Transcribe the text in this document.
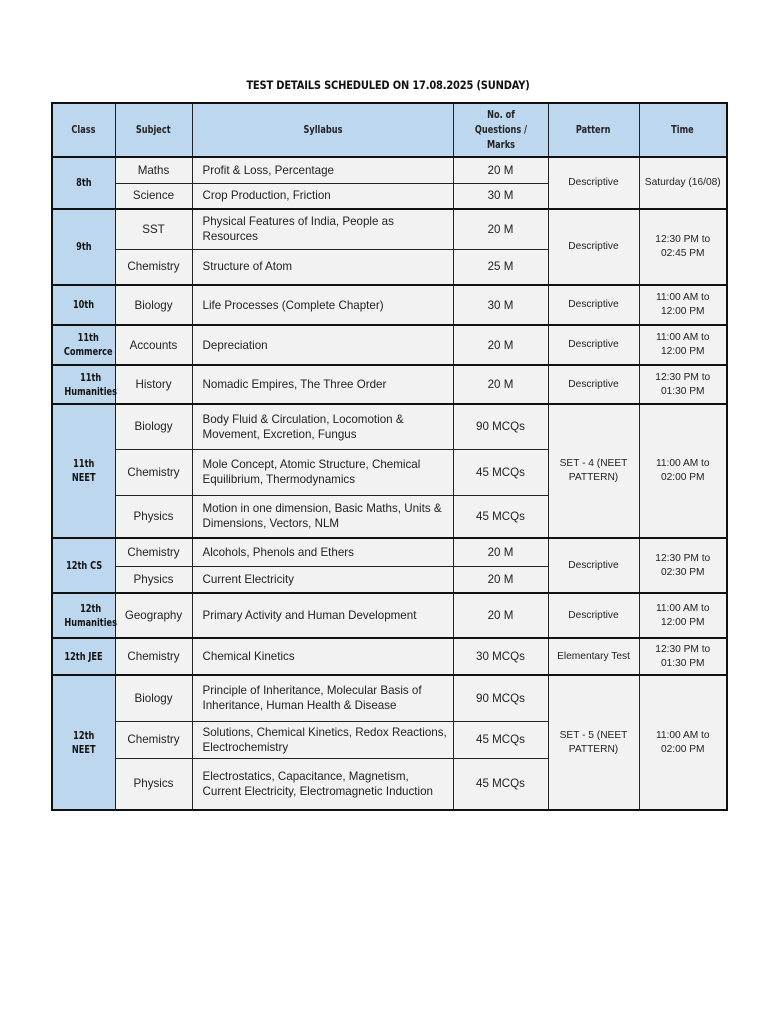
TEST DETAILS SCHEDULED ON 17.08.2025 (SUNDAY)
Class	Subject	Syllabus	No. of Questions / Marks	Pattern	Time
8th	Maths	Profit & Loss, Percentage	20 M	Descriptive	Saturday (16/08)
	Science	Crop Production, Friction	30 M		
9th	SST	Physical Features of India, People as Resources	20 M	Descriptive	12:30 PM to 02:45 PM
	Chemistry	Structure of Atom	25 M		
10th	Biology	Life Processes (Complete Chapter)	30 M	Descriptive	11:00 AM to 12:00 PM
11th Commerce	Accounts	Depreciation	20 M	Descriptive	11:00 AM to 12:00 PM
11th Humanities	History	Nomadic Empires, The Three Order	20 M	Descriptive	12:30 PM to 01:30 PM
11th NEET	Biology	Body Fluid & Circulation, Locomotion & Movement, Excretion, Fungus	90 MCQs	SET - 4 (NEET PATTERN)	11:00 AM to 02:00 PM
	Chemistry	Mole Concept, Atomic Structure, Chemical Equilibrium, Thermodynamics	45 MCQs		
	Physics	Motion in one dimension, Basic Maths, Units & Dimensions, Vectors, NLM	45 MCQs		
12th CS	Chemistry	Alcohols, Phenols and Ethers	20 M	Descriptive	12:30 PM to 02:30 PM
	Physics	Current Electricity	20 M		
12th Humanities	Geography	Primary Activity and Human Development	20 M	Descriptive	11:00 AM to 12:00 PM
12th JEE	Chemistry	Chemical Kinetics	30 MCQs	Elementary Test	12:30 PM to 01:30 PM
12th NEET	Biology	Principle of Inheritance, Molecular Basis of Inheritance, Human Health & Disease	90 MCQs	SET - 5 (NEET PATTERN)	11:00 AM to 02:00 PM
	Chemistry	Solutions, Chemical Kinetics, Redox Reactions, Electrochemistry	45 MCQs		
	Physics	Electrostatics, Capacitance, Magnetism, Current Electricity, Electromagnetic Induction	45 MCQs		
